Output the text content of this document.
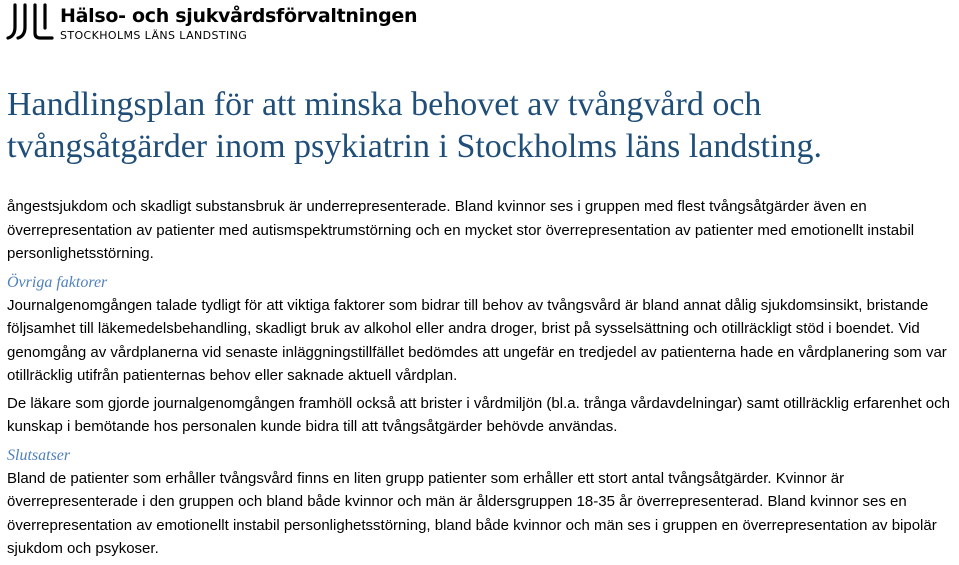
Hälso- och sjukvårdsförvaltningen
STOCKHOLMS LÄNS LANDSTING
Handlingsplan för att minska behovet av tvångvård och tvångsåtgärder inom psykiatrin i Stockholms läns landsting.

ångestsjukdom och skadligt substansbruk är underrepresenterade. Bland kvinnor ses i gruppen med flest tvångsåtgärder även en överrepresentation av patienter med autismspektrumstörning och en mycket stor överrepresentation av patienter med emotionellt instabil personlighetsstörning.

Övriga faktorer

Journalgenomgången talade tydligt för att viktiga faktorer som bidrar till behov av tvångsvård är bland annat dålig sjukdomsinsikt, bristande följsamhet till läkemedelsbehandling, skadligt bruk av alkohol eller andra droger, brist på sysselsättning och otillräckligt stöd i boendet. Vid genomgång av vårdplanerna vid senaste inläggningstillfället bedömdes att ungefär en tredjedel av patienterna hade en vårdplanering som var otillräcklig utifrån patienternas behov eller saknade aktuell vårdplan.

De läkare som gjorde journalgenomgången framhöll också att brister i vårdmiljön (bl.a. trånga vårdavdelningar) samt otillräcklig erfarenhet och kunskap i bemötande hos personalen kunde bidra till att tvångsåtgärder behövde användas.

Slutsatser

Bland de patienter som erhåller tvångsvård finns en liten grupp patienter som erhåller ett stort antal tvångsåtgärder. Kvinnor är överrepresenterade i den gruppen och bland både kvinnor och män är åldersgruppen 18-35 år överrepresenterad. Bland kvinnor ses en överrepresentation av emotionellt instabil personlighetsstörning, bland både kvinnor och män ses i gruppen en överrepresentation av bipolär sjukdom och psykoser.
